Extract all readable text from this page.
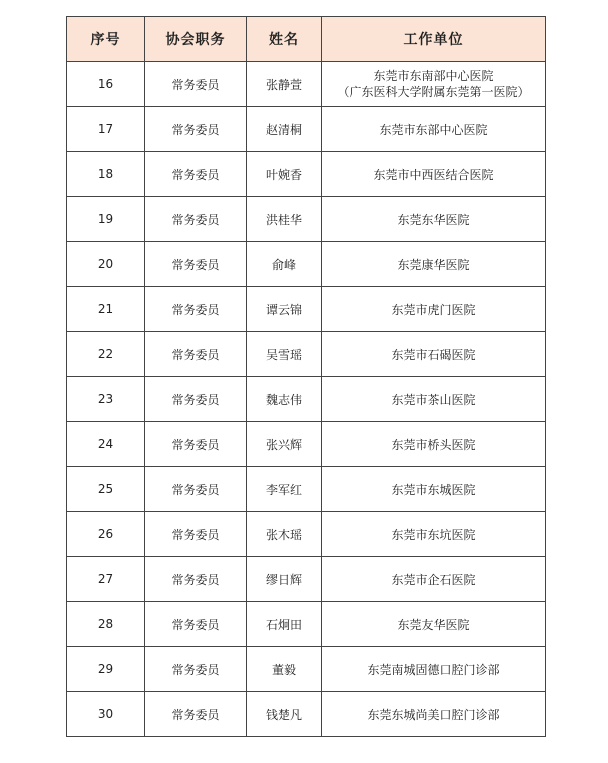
序号	协会职务	姓名	工作单位
16	常务委员	张静萱	东莞市东南部中心医院
（广东医科大学附属东莞第一医院）

17	常务委员	赵清桐	东莞市东部中心医院
18	常务委员	叶婉香	东莞市中西医结合医院
19	常务委员	洪桂华	东莞东华医院
20	常务委员	俞峰	东莞康华医院
21	常务委员	谭云锦	东莞市虎门医院
22	常务委员	吴雪瑶	东莞市石碣医院
23	常务委员	魏志伟	东莞市茶山医院
24	常务委员	张兴辉	东莞市桥头医院
25	常务委员	李军红	东莞市东城医院
26	常务委员	张木瑶	东莞市东坑医院
27	常务委员	缪日辉	东莞市企石医院
28	常务委员	石炯田	东莞友华医院
29	常务委员	董毅	东莞南城固德口腔门诊部
30	常务委员	钱楚凡	东莞东城尚美口腔门诊部
